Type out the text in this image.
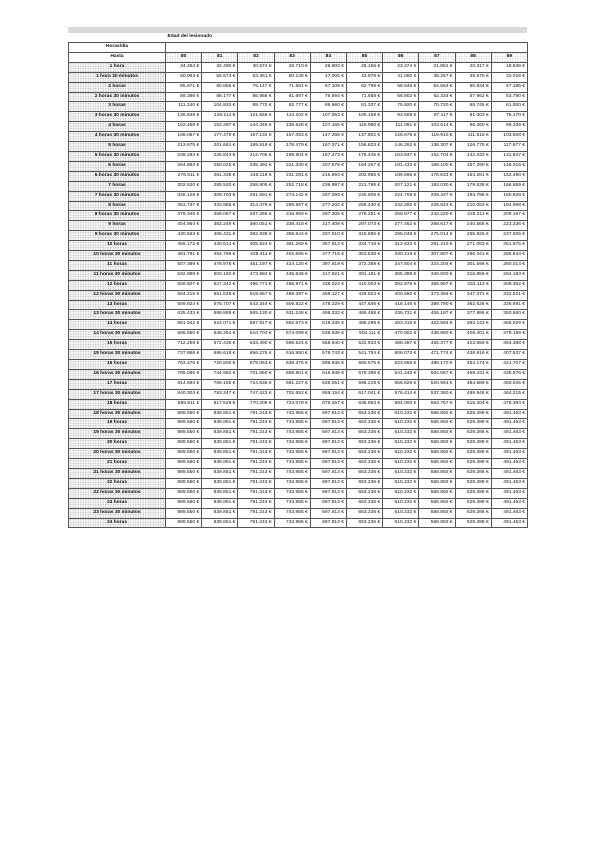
	Edad del lesionado									
Horas/día										
Hasta	80	81	82	83	84	85	86	87	88	89
1 hora	34.454 €	32.490 €	30.574 €	28.710 €	26.903 €	25.156 €	23.474 €	21.861 €	20.317 €	18.846 €
1 hora 30 minutos	60.063 €	56.673 €	53.361 €	50.136 €	47.005 €	43.978 €	41.060 €	38.257 €	35.575 €	33.016 €
2 horas	85.671 €	80.855 €	76.147 €	71.561 €	67.108 €	62.799 €	58.645 €	54.654 €	50.834 €	47.185 €
2 horas 30 minutos	89.398 €	88.177 €	86.956 €	81.697 €	76.594 €	71.658 €	66.902 €	62.334 €	57.962 €	53.790 €
3 horas	111.240 €	104.932 €	98.772 €	92.777 €	86.960 €	81.337 €	75.920 €	70.720 €	65.745 €	61.000 €
3 horas 30 minutos	136.849 €	129.114 €	121.559 €	114.202 €	107.063 €	100.159 €	93.505 €	87.117 €	81.003 €	75.170 €
4 horas	162.458 €	153.297 €	144.345 €	135.628 €	127.165 €	118.980 €	111.091 €	103.514 €	96.260 €	89.339 €
4 horas 30 minutos	188.067 €	177.479 €	167.132 €	157.053 €	147.268 €	137.802 €	128.676 €	119.910 €	111.518 €	103.508 €
5 horas	213.675 €	201.661 €	189.919 €	178.479 €	167.371 €	156.623 €	146.262 €	136.307 €	126.775 €	117.677 €
5 horas 30 minutos	239.284 €	225.843 €	212.705 €	199.904 €	187.473 €	175.445 €	163.847 €	152.704 €	142.033 €	131.847 €
6 horas	264.893 €	250.025 €	235.492 €	221.330 €	207.576 €	194.267 €	181.433 €	169.100 €	157.290 €	146.016 €
6 horas 30 minutos	276.911 €	261.338 €	246.118 €	231.291 €	216.894 €	202.965 €	189.595 €	176.633 €	164.281 €	152.490 €
7 horas	302.520 €	285.520 €	268.905 €	252.718 €	236.997 €	221.786 €	207.121 €	193.030 €	179.538 €	166.659 €
7 horas 30 minutos	328.128 €	309.703 €	291.691 €	274.142 €	257.099 €	240.608 €	224.706 €	209.427 €	194.796 €	180.828 €
8 horas	353.737 €	333.885 €	314.478 €	295.567 €	277.202 €	259.430 €	242.292 €	225.823 €	210.053 €	194.998 €
8 horas 30 minutos	379.346 €	358.067 €	337.265 €	316.993 €	297.305 €	278.251 €	259.877 €	242.220 €	225.311 €	209.167 €
9 horas	404.954 €	382.249 €	360.051 €	338.418 €	317.408 €	297.073 €	277.462 €	258.617 €	240.568 €	223.336 €
9 horas 30 minutos	430.563 €	406.431 €	382.838 €	359.844 €	337.510 €	315.895 €	295.048 €	275.014 €	255.826 €	237.505 €
10 horas	456.172 €	430.614 €	405.624 €	381.269 €	357.613 €	334.716 €	312.633 €	291.410 €	271.083 €	251.675 €
10 horas 30 minutos	481.781 €	454.796 €	428.411 €	402.695 €	377.716 €	353.538 €	330.219 €	307.807 €	286.341 €	265.844 €
11 horas	507.389 €	478.978 €	451.197 €	424.120 €	397.819 €	372.359 €	347.804 €	324.204 €	301.598 €	280.014 €
11 horas 30 minutos	532.998 €	503.160 €	473.984 €	445.546 €	417.921 €	391.181 €	365.389 €	340.600 €	316.856 €	294.183 €
12 horas	558.607 €	527.342 €	496.771 €	466.971 €	438.024 €	410.003 €	382.975 €	356.997 €	332.113 €	308.352 €
12 horas 30 minutos	584.215 €	551.525 €	519.557 €	488.397 €	458.127 €	428.824 €	400.560 €	373.394 €	347.371 €	322.521 €
13 horas	609.824 €	575.707 €	542.344 €	509.822 €	478.229 €	447.646 €	418.146 €	389.790 €	362.628 €	336.691 €
13 horas 30 minutos	635.433 €	599.889 €	565.130 €	531.248 €	498.332 €	466.468 €	435.731 €	406.187 €	377.886 €	350.860 €
14 horas	661.042 €	624.071 €	587.917 €	552.673 €	518.435 €	485.289 €	453.316 €	422.584 €	393.143 €	365.029 €
14 horas 30 minutos	686.650 €	648.254 €	610.703 €	574.099 €	538.538 €	504.111 €	470.902 €	438.980 €	408.401 €	379.199 €
15 horas	712.259 €	672.436 €	633.490 €	595.524 €	558.640 €	522.933 €	488.487 €	455.377 €	423.659 €	393.368 €
15 horas 30 minutos	737.868 €	696.618 €	656.276 €	616.950 €	578.743 €	541.754 €	506.073 €	471.774 €	438.916 €	407.537 €
16 horas	763.476 €	720.800 €	679.063 €	638.376 €	598.846 €	560.576 €	523.658 €	488.170 €	454.174 €	421.707 €
16 horas 30 minutos	789.085 €	744.982 €	701.850 €	659.801 €	618.948 €	579.398 €	541.243 €	504.567 €	469.431 €	435.876 €
17 horas	814.694 €	769.165 €	724.636 €	681.227 €	639.051 €	598.219 €	558.829 €	520.964 €	484.689 €	450.045 €
17 horas 30 minutos	840.303 €	793.347 €	747.423 €	702.652 €	659.154 €	617.041 €	576.414 €	537.360 €	499.946 €	464.215 €
18 horas	865.911 €	817.529 €	770.209 €	724.078 €	679.257 €	635.863 €	594.000 €	553.757 €	515.204 €	478.384 €
18 horas 30 minutos	889.550 €	839.851 €	791.243 €	743.855 €	697.813 €	653.236 €	610.232 €	568.892 €	529.288 €	491.463 €
19 horas	889.550 €	839.851 €	791.243 €	743.855 €	697.813 €	653.236 €	610.232 €	568.892 €	529.288 €	491.463 €
19 horas 30 minutos	889.550 €	839.851 €	791.243 €	743.855 €	697.813 €	653.236 €	610.232 €	568.892 €	529.288 €	491.463 €
20 horas	889.550 €	839.851 €	791.243 €	743.855 €	697.813 €	653.236 €	610.232 €	568.892 €	529.288 €	491.463 €
20 horas 30 minutos	889.550 €	839.851 €	791.243 €	743.855 €	697.813 €	653.236 €	610.232 €	568.892 €	529.288 €	491.463 €
21 horas	889.550 €	839.851 €	791.243 €	743.855 €	697.813 €	653.236 €	610.232 €	568.892 €	529.288 €	491.463 €
21 horas 30 minutos	889.550 €	839.851 €	791.243 €	743.855 €	697.813 €	653.236 €	610.232 €	568.892 €	529.288 €	491.463 €
22 horas	889.550 €	839.851 €	791.243 €	743.855 €	697.813 €	653.236 €	610.232 €	568.892 €	529.288 €	491.463 €
22 horas 30 minutos	889.550 €	839.851 €	791.243 €	743.855 €	697.813 €	653.236 €	610.232 €	568.892 €	529.288 €	491.463 €
23 horas	889.550 €	839.851 €	791.243 €	743.855 €	697.813 €	653.236 €	610.232 €	568.892 €	529.288 €	491.463 €
23 horas 30 minutos	889.550 €	839.851 €	791.243 €	743.855 €	697.813 €	653.236 €	610.232 €	568.892 €	529.288 €	491.463 €
24 horas	889.550 €	839.851 €	791.243 €	743.855 €	697.813 €	653.236 €	610.232 €	568.892 €	529.288 €	491.463 €
